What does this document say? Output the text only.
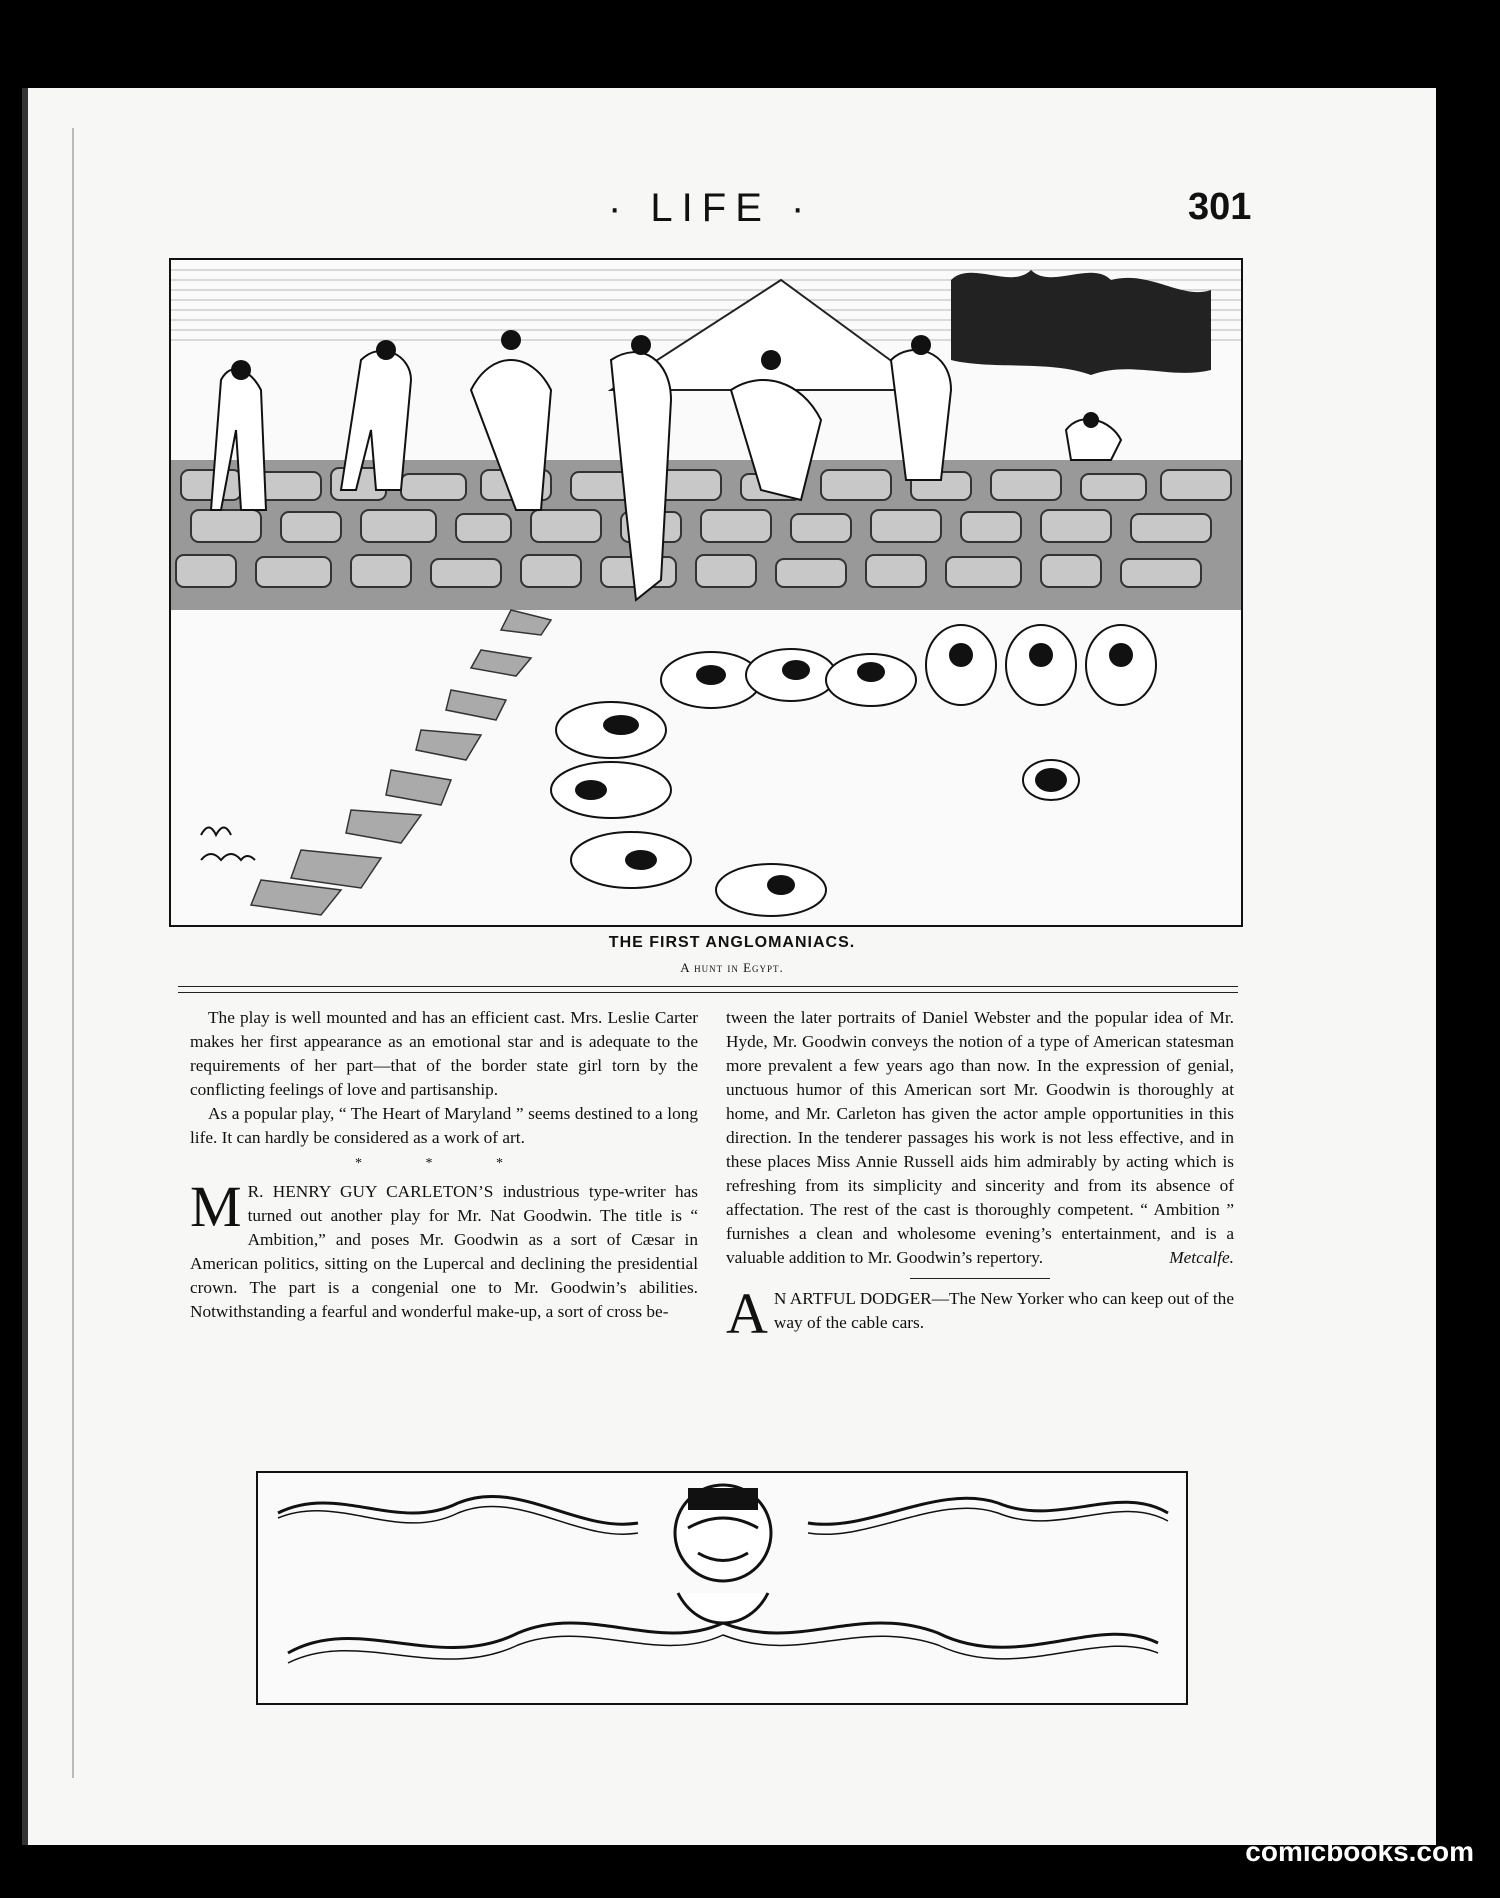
· LIFE ·	301
THE FIRST ANGLOMANIACS.
A hunt in Egypt.

The play is well mounted and has an efficient cast. Mrs. Leslie Carter makes her first appearance as an emotional star and is adequate to the requirements of her part—that of the border state girl torn by the conflicting feelings of love and partisanship.

As a popular play, “ The Heart of Maryland ” seems destined to a long life. It can hardly be considered as a work of art.

* * *

M R. HENRY GUY CARLETON’S industrious type-writer has turned out another play for Mr. Nat Goodwin. The title is “ Ambition,” and poses Mr. Goodwin as a sort of Cæsar in American politics, sitting on the Lupercal and declining the presidential crown. The part is a congenial one to Mr. Goodwin’s abilities. Notwithstanding a fearful and wonderful make-up, a sort of cross be-

tween the later portraits of Daniel Webster and the popular idea of Mr. Hyde, Mr. Goodwin conveys the notion of a type of American statesman more prevalent a few years ago than now. In the expression of genial, unctuous humor of this American sort Mr. Goodwin is thoroughly at home, and Mr. Carleton has given the actor ample opportunities in this direction. In the tenderer passages his work is not less effective, and in these places Miss Annie Russell aids him admirably by acting which is refreshing from its simplicity and sincerity and from its absence of affectation. The rest of the cast is thoroughly competent. “ Ambition ” furnishes a clean and wholesome evening’s entertainment, and is a valuable addition to Mr. Goodwin’s repertory.	Metcalfe.

A N ARTFUL DODGER—The New Yorker who can keep out of the way of the cable cars.

comicbooks.com
